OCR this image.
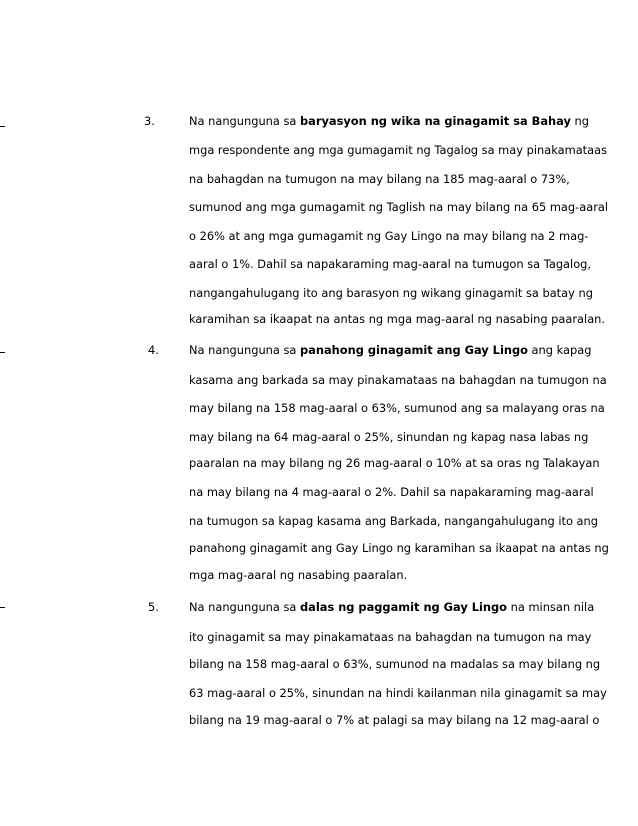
3.	Na nangunguna sa baryasyon ng wika na ginagamit sa Bahay ng
mga respondente ang mga gumagamit ng Tagalog sa may pinakamataas
na bahagdan na tumugon na may bilang na 185 mag-aaral o 73%,
sumunod ang mga gumagamit ng Taglish na may bilang na 65 mag-aaral
o 26% at ang mga gumagamit ng Gay Lingo na may bilang na 2 mag-
aaral o 1%. Dahil sa napakaraming mag-aaral na tumugon sa Tagalog,
nangangahulugang ito ang barasyon ng wikang ginagamit sa batay ng
karamihan sa ikaapat na antas ng mga mag-aaral ng nasabing paaralan.
4.	Na nangunguna sa panahong ginagamit ang Gay Lingo ang kapag
kasama ang barkada sa may pinakamataas na bahagdan na tumugon na
may bilang na 158 mag-aaral o 63%, sumunod ang sa malayang oras na
may bilang na 64 mag-aaral o 25%, sinundan ng kapag nasa labas ng
paaralan na may bilang ng 26 mag-aaral o 10% at sa oras ng Talakayan
na may bilang na 4 mag-aaral o 2%. Dahil sa napakaraming mag-aaral
na tumugon sa kapag kasama ang Barkada, nangangahulugang ito ang
panahong ginagamit ang Gay Lingo ng karamihan sa ikaapat na antas ng
mga mag-aaral ng nasabing paaralan.
5.	Na nangunguna sa dalas ng paggamit ng Gay Lingo na minsan nila
ito ginagamit sa may pinakamataas na bahagdan na tumugon na may
bilang na 158 mag-aaral o 63%, sumunod na madalas sa may bilang ng
63 mag-aaral o 25%, sinundan na hindi kailanman nila ginagamit sa may
bilang na 19 mag-aaral o 7% at palagi sa may bilang na 12 mag-aaral o
